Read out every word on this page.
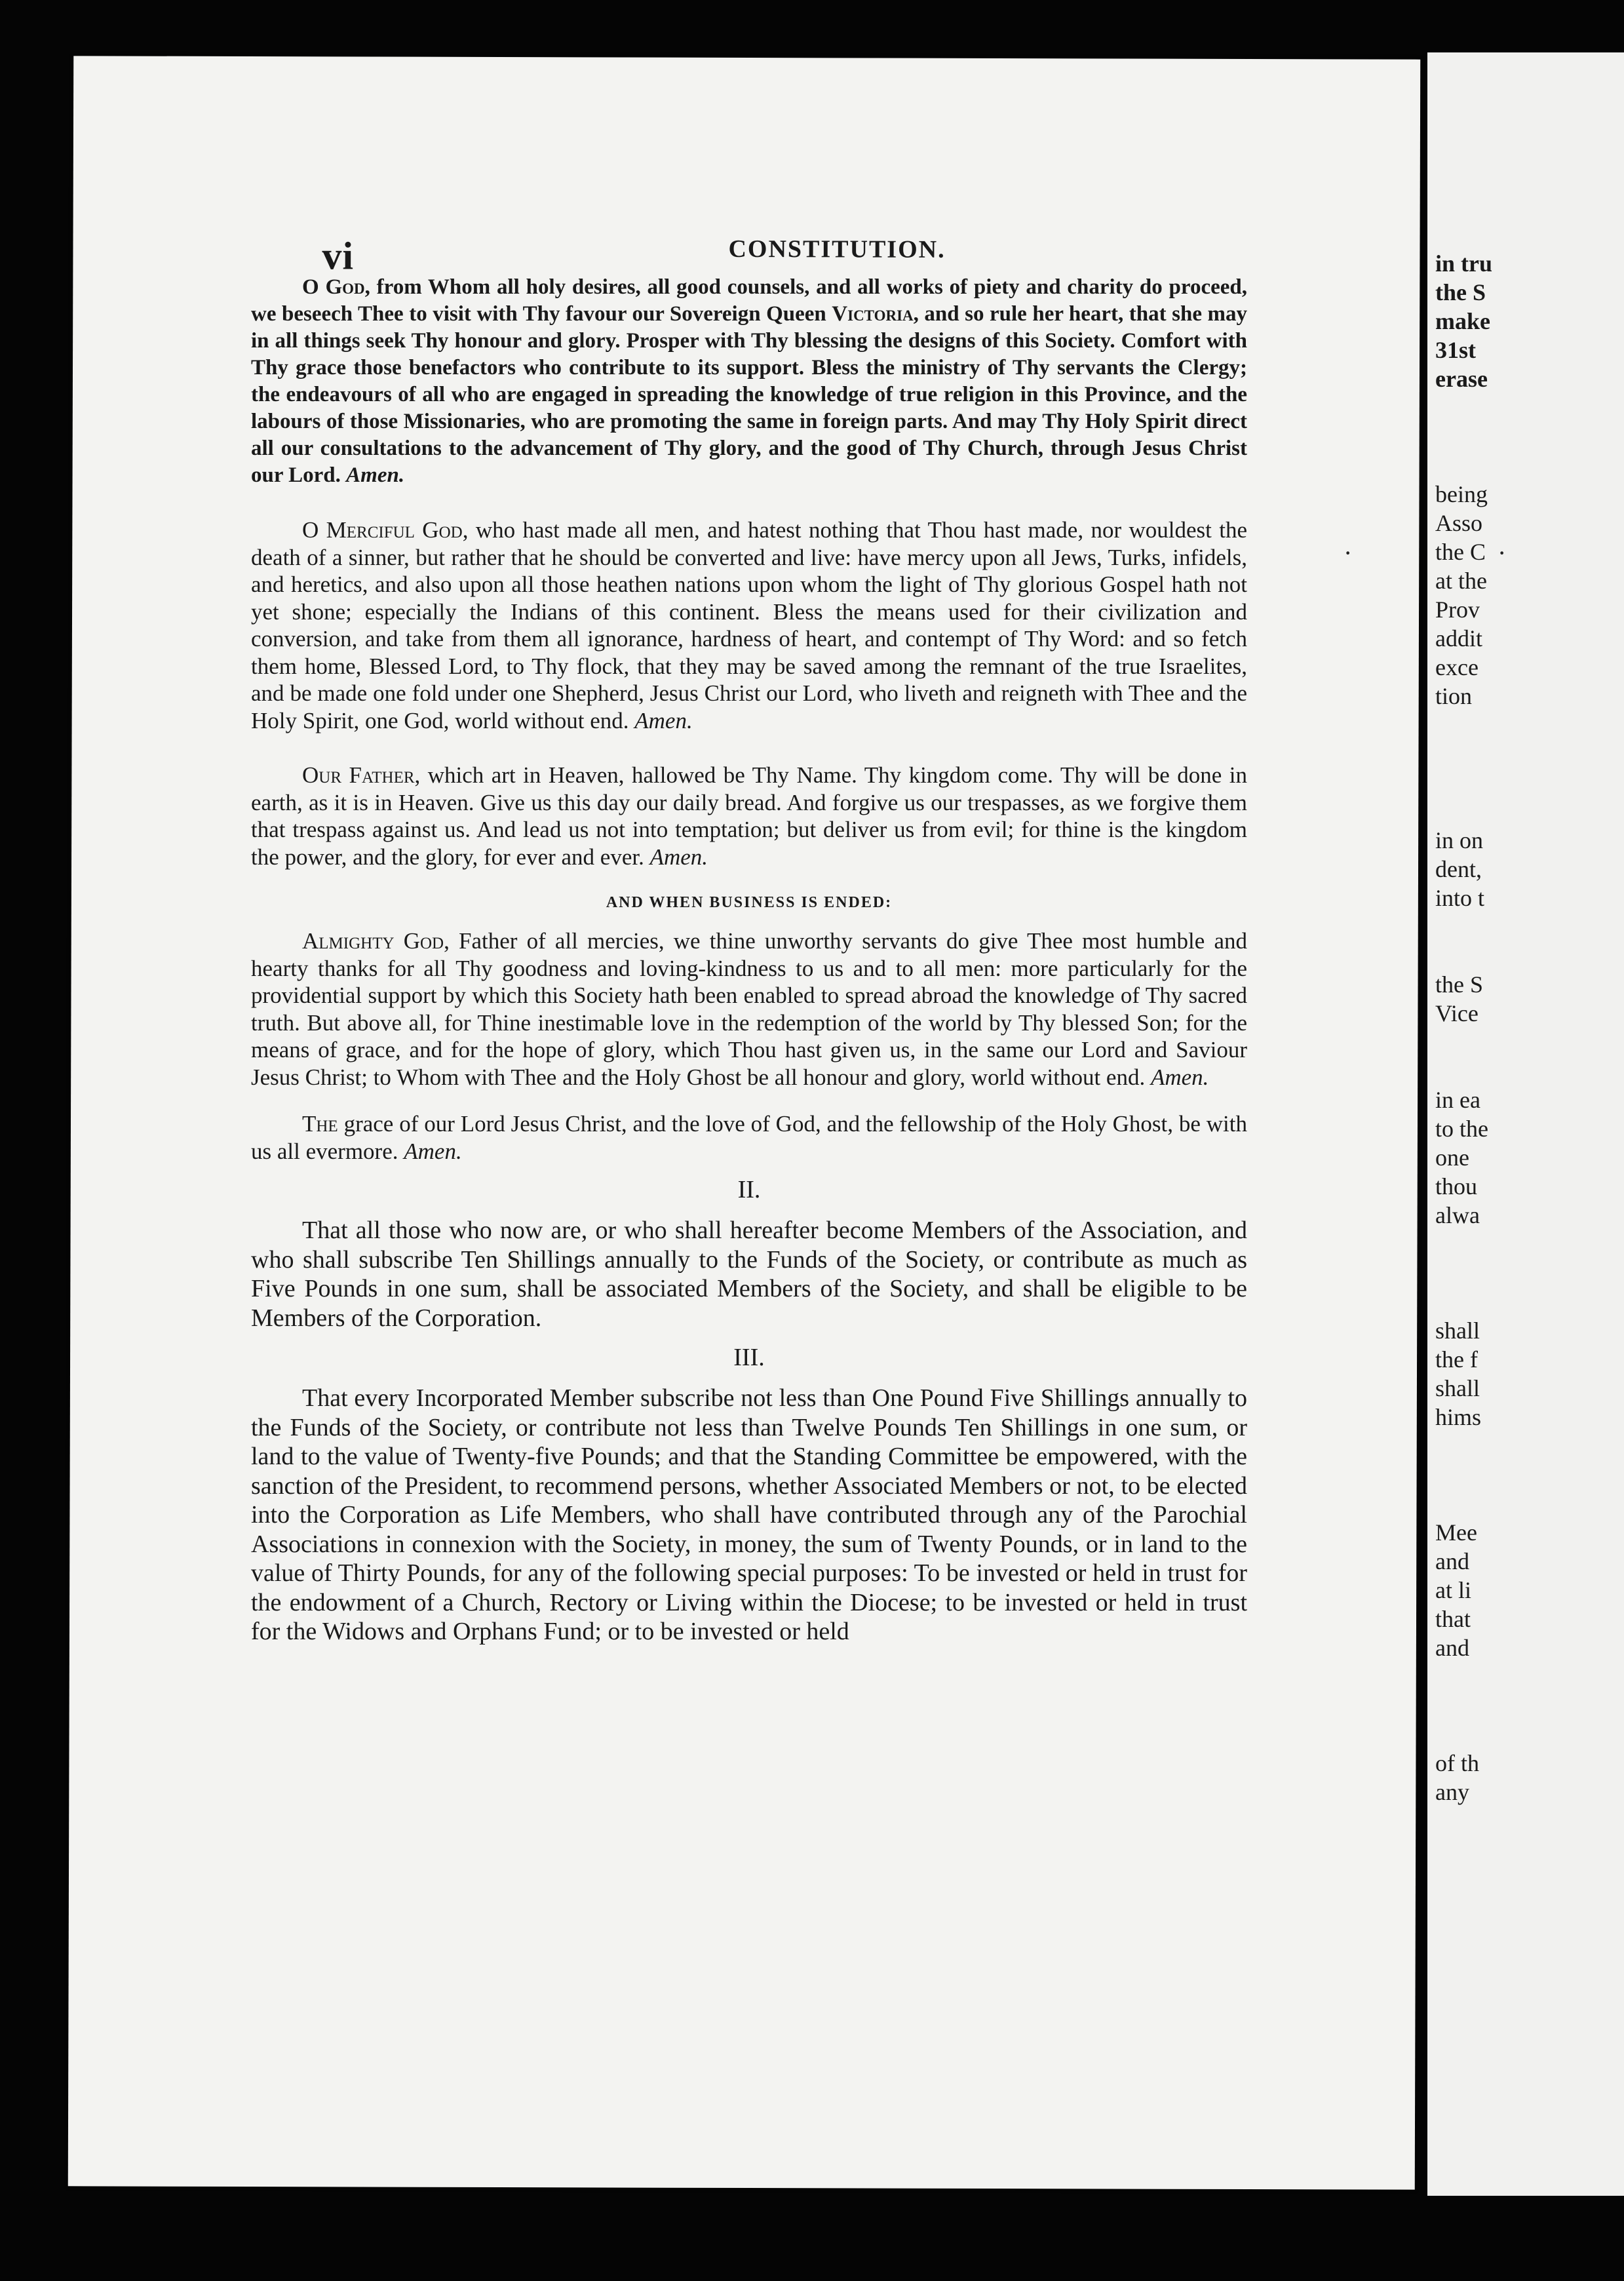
vi	CONSTITUTION.

O God, from Whom all holy desires, all good counsels, and all works of piety and charity do proceed, we beseech Thee to visit with Thy favour our Sovereign Queen Victoria, and so rule her heart, that she may in all things seek Thy honour and glory. Prosper with Thy blessing the designs of this Society. Comfort with Thy grace those benefactors who contribute to its support. Bless the ministry of Thy servants the Clergy; the endeavours of all who are engaged in spreading the knowledge of true religion in this Province, and the labours of those Missionaries, who are promoting the same in foreign parts. And may Thy Holy Spirit direct all our consultations to the advancement of Thy glory, and the good of Thy Church, through Jesus Christ our Lord. Amen.

O Merciful God, who hast made all men, and hatest nothing that Thou hast made, nor wouldest the death of a sinner, but rather that he should be converted and live: have mercy upon all Jews, Turks, infidels, and heretics, and also upon all those heathen nations upon whom the light of Thy glorious Gospel hath not yet shone; especially the Indians of this continent. Bless the means used for their civilization and conversion, and take from them all ignorance, hardness of heart, and contempt of Thy Word: and so fetch them home, Blessed Lord, to Thy flock, that they may be saved among the remnant of the true Israelites, and be made one fold under one Shepherd, Jesus Christ our Lord, who liveth and reigneth with Thee and the Holy Spirit, one God, world without end. Amen.

Our Father, which art in Heaven, hallowed be Thy Name. Thy kingdom come. Thy will be done in earth, as it is in Heaven. Give us this day our daily bread. And forgive us our trespasses, as we forgive them that trespass against us. And lead us not into temptation; but deliver us from evil; for thine is the kingdom the power, and the glory, for ever and ever. Amen.

AND WHEN BUSINESS IS ENDED:

Almighty God, Father of all mercies, we thine unworthy servants do give Thee most humble and hearty thanks for all Thy goodness and loving-kindness to us and to all men: more particularly for the providential support by which this Society hath been enabled to spread abroad the knowledge of Thy sacred truth. But above all, for Thine inestimable love in the redemption of the world by Thy blessed Son; for the means of grace, and for the hope of glory, which Thou hast given us, in the same our Lord and Saviour Jesus Christ; to Whom with Thee and the Holy Ghost be all honour and glory, world without end. Amen.

The grace of our Lord Jesus Christ, and the love of God, and the fellowship of the Holy Ghost, be with us all evermore. Amen.

II.

That all those who now are, or who shall hereafter become Members of the Association, and who shall subscribe Ten Shillings annually to the Funds of the Society, or contribute as much as Five Pounds in one sum, shall be associated Members of the Society, and shall be eligible to be Members of the Corporation.

III.

That every Incorporated Member subscribe not less than One Pound Five Shillings annually to the Funds of the Society, or contribute not less than Twelve Pounds Ten Shillings in one sum, or land to the value of Twenty-five Pounds; and that the Standing Committee be empowered, with the sanction of the President, to recommend persons, whether Associated Members or not, to be elected into the Corporation as Life Members, who shall have contributed through any of the Parochial Associations in connexion with the Society, in money, the sum of Twenty Pounds, or in land to the value of Thirty Pounds, for any of the following special purposes: To be invested or held in trust for the endowment of a Church, Rectory or Living within the Diocese; to be invested or held in trust for the Widows and Orphans Fund; or to be invested or held

in tru
the S
make
31st
erase

being
Asso
the C
at the
Prov
addit
exce
tion

in on
dent,
into t

the S
Vice

in ea
to the
one
thou
alwa

shall
the f
shall
hims

Mee
and
at li
that
and

of th
any
·	·
